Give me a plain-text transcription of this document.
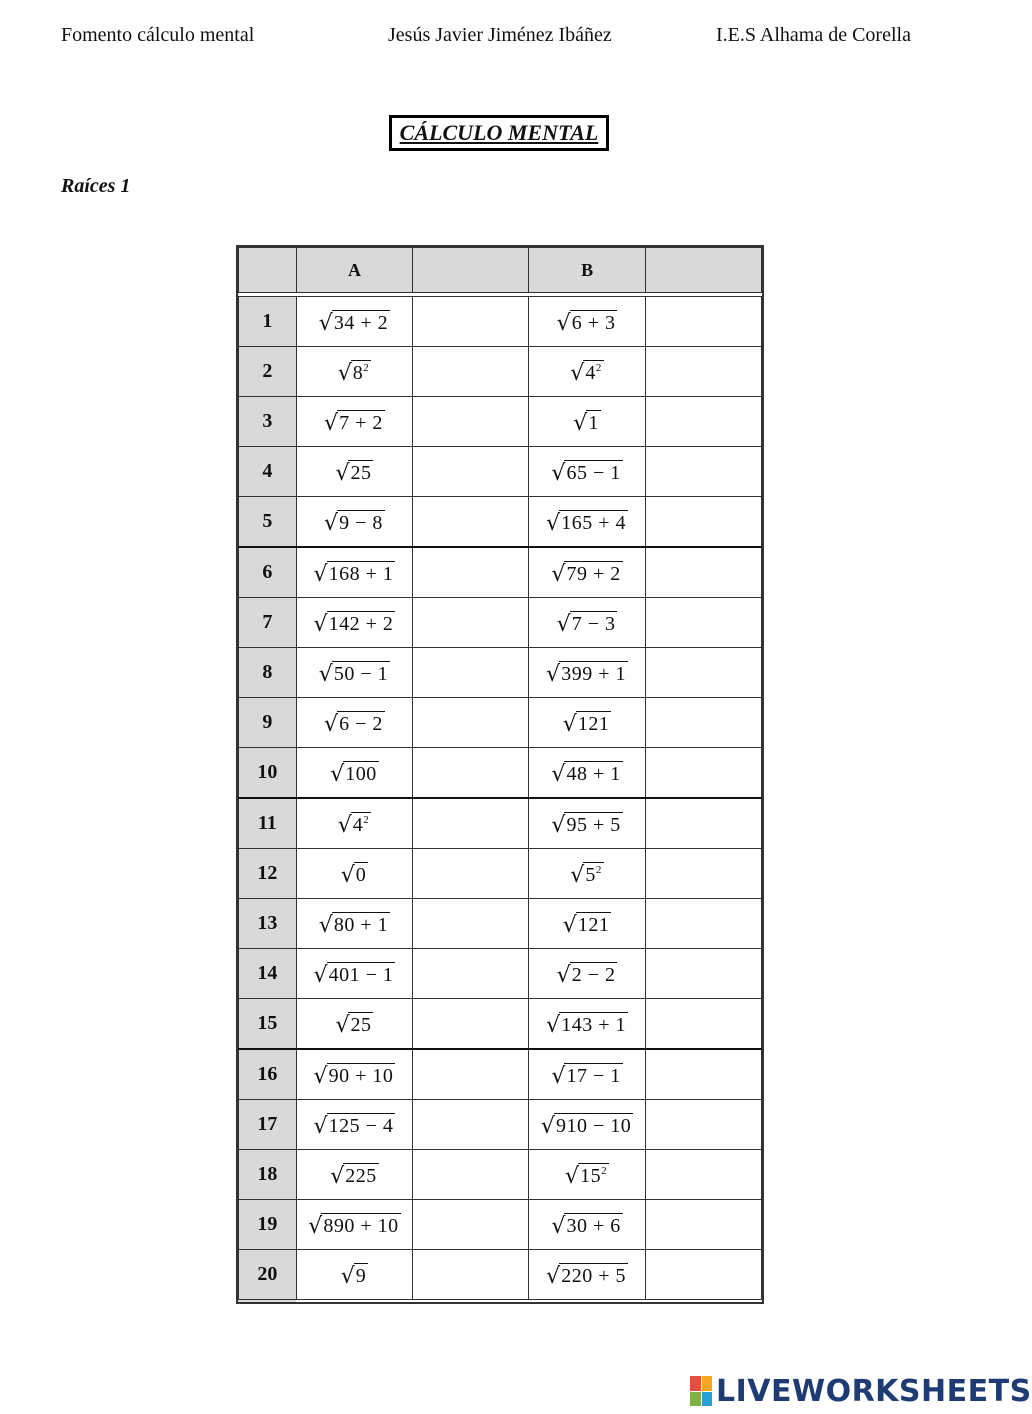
Fomento cálculo mental	Jesús Javier Jiménez Ibáñez	I.E.S Alhama de Corella
CÁLCULO MENTAL
Raíces 1
	A		B	

1	√ 34 + 2		√ 6 + 3	

2	√ $8^2$		√ $4^2$

3	√ 7 + 2		√ 1	

4	√ 25		√ 65 − 1	

5	√ 9 − 8		√ 165 + 4	

6	√ 168 + 1		√ 79 + 2	

7	√ 142 + 2		√ 7 − 3	

8	√ 50 − 1		√ 399 + 1	

9	√ 6 − 2		√ 121	

10	√ 100		√ 48 + 1	

11	√ $4^2$		√ 95 + 5	

12	√ 0		√ $5^2$

13	√ 80 + 1		√ 121	

14	√ 401 − 1		√ 2 − 2	

15	√ 25		√ 143 + 1	

16	√ 90 + 10		√ 17 − 1	

17	√ 125 − 4		√ 910 − 10	

18	√ 225		√ $15^2$

19	√ 890 + 10		√ 30 + 6	

20	√ 9		√ 220 + 5	

LIVEWORKSHEETS
